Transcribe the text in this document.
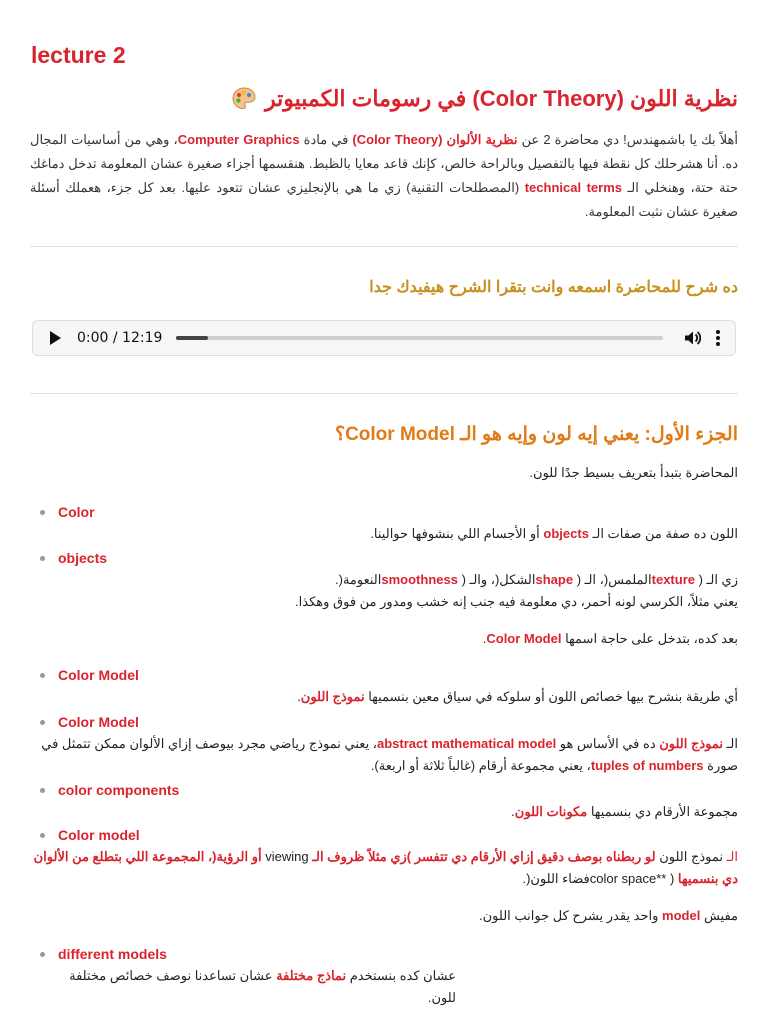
lecture 2
نظرية اللون (Color Theory) في رسومات الكمبيوتر

أهلاً بك يا باشمهندس! دي محاضرة 2 عن نظرية الألوان (Color Theory) في مادة Computer Graphics، وهي من أساسيات المجال ده. أنا هشرحلك كل نقطة فيها بالتفصيل وبالراحة خالص، كإنك قاعد معايا بالظبط. هنقسمها أجزاء صغيرة عشان المعلومة تدخل دماغك حتة حتة، وهنخلي الـ technical terms (المصطلحات التقنية) زي ما هي بالإنجليزي عشان تتعود عليها. بعد كل جزء، هعملك أسئلة صغيرة عشان نثبت المعلومة.

ده شرح للمحاضرة اسمعه وانت بتقرا الشرح هيفيدك جدا
0:00 / 12:19
الجزء الأول: يعني إيه لون وإيه هو الـ Color Model؟
المحاضرة بتبدأ بتعريف بسيط جدًا للون.
Color
اللون ده صفة من صفات الـ objects أو الأجسام اللي بنشوفها حوالينا.
objects
زي الـ ( textureالملمس(، الـ ( shapeالشكل(، والـ ( smoothnessالنعومة(.
يعني مثلاً، الكرسي لونه أحمر، دي معلومة فيه جنب إنه خشب ومدور من فوق وهكذا.
بعد كده، بتدخل على حاجة اسمها Color Model.
Color Model
أي طريقة بنشرح بيها خصائص اللون أو سلوكه في سياق معين بنسميها نموذج اللون.
Color Model
الـ نموذج اللون ده في الأساس هو abstract mathematical model، يعني نموذج رياضي مجرد بيوصف إزاي الألوان ممكن تتمثل في صورة tuples of numbers، يعني مجموعة أرقام (غالباً ثلاثة أو اربعة).
color components
مجموعة الأرقام دي بنسميها مكونات اللون.
Color model
الـ نموذج اللون لو ربطناه بوصف دقيق إزاي الأرقام دي تتفسر )زي مثلاً ظروف الـ viewing أو الرؤية(، المجموعة اللي بتطلع من الألوان دي بنسميها ( **color spaceفضاء اللون(.
مفيش model واحد يقدر يشرح كل جوانب اللون.
different models
عشان كده بنستخدم نماذج مختلفة عشان تساعدنا نوصف خصائص مختلفة للون.
